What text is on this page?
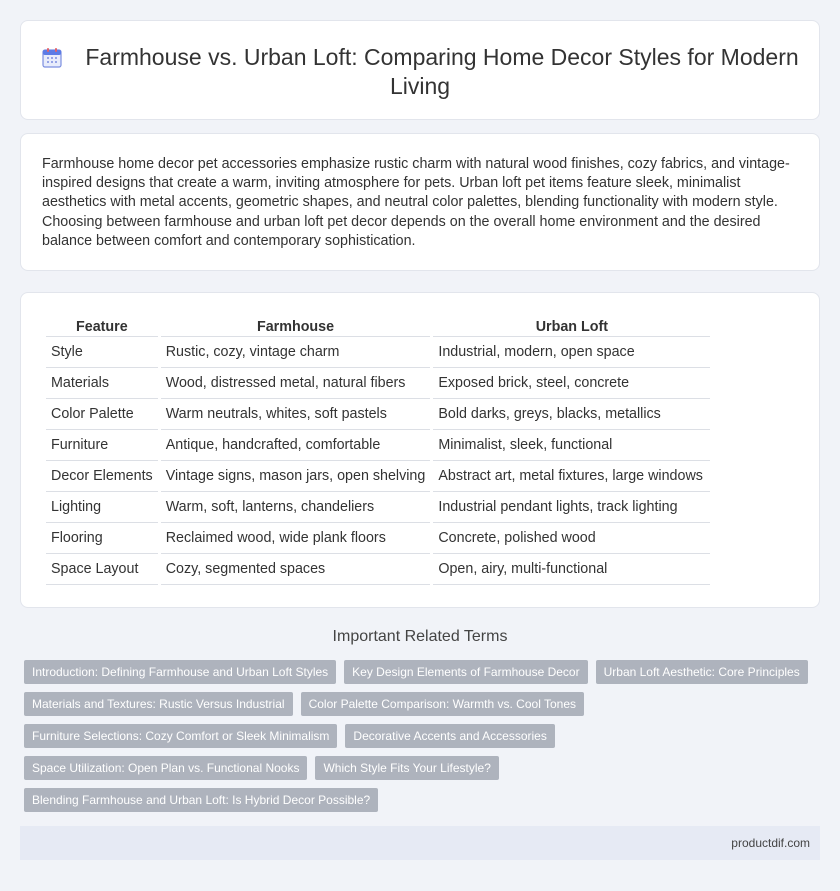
Farmhouse vs. Urban Loft: Comparing Home Decor Styles for Modern Living

Farmhouse home decor pet accessories emphasize rustic charm with natural wood finishes, cozy fabrics, and vintage-inspired designs that create a warm, inviting atmosphere for pets. Urban loft pet items feature sleek, minimalist aesthetics with metal accents, geometric shapes, and neutral color palettes, blending functionality with modern style. Choosing between farmhouse and urban loft pet decor depends on the overall home environment and the desired balance between comfort and contemporary sophistication.

Feature	Farmhouse	Urban Loft
Style	Rustic, cozy, vintage charm	Industrial, modern, open space
Materials	Wood, distressed metal, natural fibers	Exposed brick, steel, concrete
Color Palette	Warm neutrals, whites, soft pastels	Bold darks, greys, blacks, metallics
Furniture	Antique, handcrafted, comfortable	Minimalist, sleek, functional
Decor Elements	Vintage signs, mason jars, open shelving	Abstract art, metal fixtures, large windows
Lighting	Warm, soft, lanterns, chandeliers	Industrial pendant lights, track lighting
Flooring	Reclaimed wood, wide plank floors	Concrete, polished wood
Space Layout	Cozy, segmented spaces	Open, airy, multi-functional
Important Related Terms
Introduction: Defining Farmhouse and Urban Loft Styles	Key Design Elements of Farmhouse Decor	Urban Loft Aesthetic: Core Principles
Materials and Textures: Rustic Versus Industrial	Color Palette Comparison: Warmth vs. Cool Tones
Furniture Selections: Cozy Comfort or Sleek Minimalism	Decorative Accents and Accessories
Space Utilization: Open Plan vs. Functional Nooks	Which Style Fits Your Lifestyle?
Blending Farmhouse and Urban Loft: Is Hybrid Decor Possible?
productdif.com
